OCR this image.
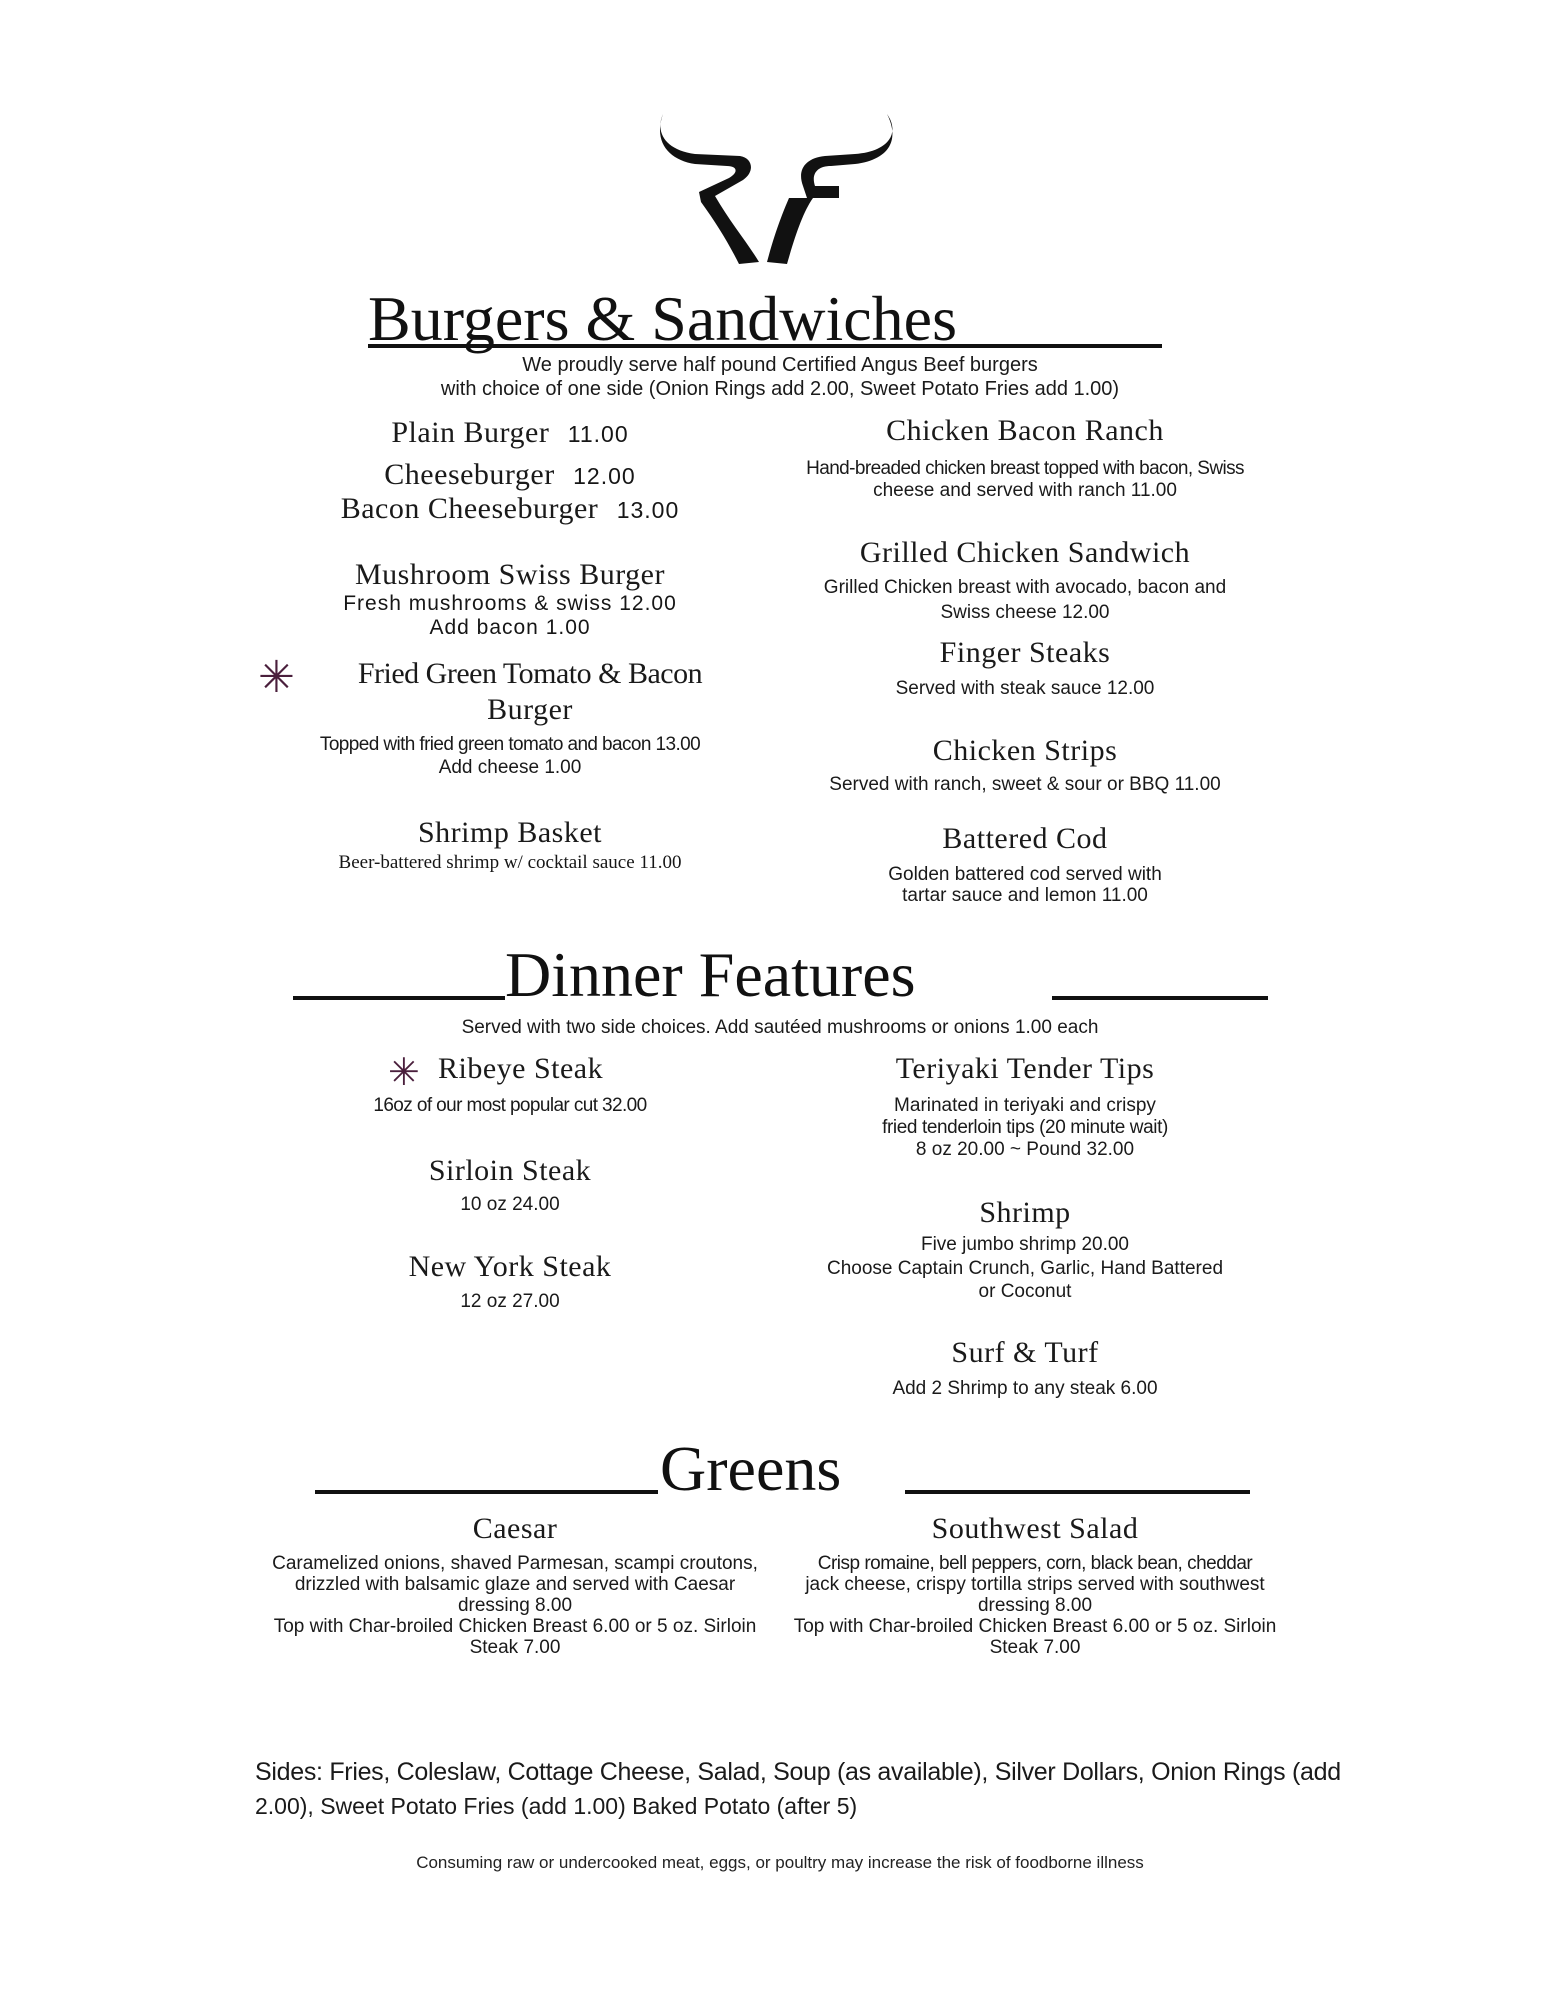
Burgers & Sandwiches
We proudly serve half pound Certified Angus Beef burgers
with choice of one side (Onion Rings add 2.00, Sweet Potato Fries add 1.00)
Plain Burger 11.00
Cheeseburger 12.00
Bacon Cheeseburger 13.00
Mushroom Swiss Burger
Fresh mushrooms & swiss 12.00
Add bacon 1.00
✳	Fried Green Tomato & Bacon
Burger
Topped with fried green tomato and bacon 13.00
Add cheese 1.00
Shrimp Basket
Beer-battered shrimp w/ cocktail sauce 11.00
Chicken Bacon Ranch
Hand-breaded chicken breast topped with bacon, Swiss
cheese and served with ranch 11.00
Grilled Chicken Sandwich
Grilled Chicken breast with avocado, bacon and
Swiss cheese 12.00
Finger Steaks
Served with steak sauce 12.00
Chicken Strips
Served with ranch, sweet & sour or BBQ 11.00
Battered Cod
Golden battered cod served with
tartar sauce and lemon 11.00
Dinner Features
Served with two side choices. Add sautéed mushrooms or onions 1.00 each
✳ Ribeye Steak
16oz of our most popular cut 32.00
Sirloin Steak
10 oz 24.00
New York Steak
12 oz 27.00
Teriyaki Tender Tips
Marinated in teriyaki and crispy
fried tenderloin tips (20 minute wait)
8 oz 20.00 ~ Pound 32.00
Shrimp
Five jumbo shrimp 20.00
Choose Captain Crunch, Garlic, Hand Battered
or Coconut
Surf & Turf
Add 2 Shrimp to any steak 6.00
Greens
Caesar
Caramelized onions, shaved Parmesan, scampi croutons,
drizzled with balsamic glaze and served with Caesar
dressing 8.00
Top with Char-broiled Chicken Breast 6.00 or 5 oz. Sirloin
Steak 7.00
Southwest Salad
Crisp romaine, bell peppers, corn, black bean, cheddar
jack cheese, crispy tortilla strips served with southwest
dressing 8.00
Top with Char-broiled Chicken Breast 6.00 or 5 oz. Sirloin
Steak 7.00
Sides: Fries, Coleslaw, Cottage Cheese, Salad, Soup (as available), Silver Dollars, Onion Rings (add
2.00), Sweet Potato Fries (add 1.00) Baked Potato (after 5)
Consuming raw or undercooked meat, eggs, or poultry may increase the risk of foodborne illness
